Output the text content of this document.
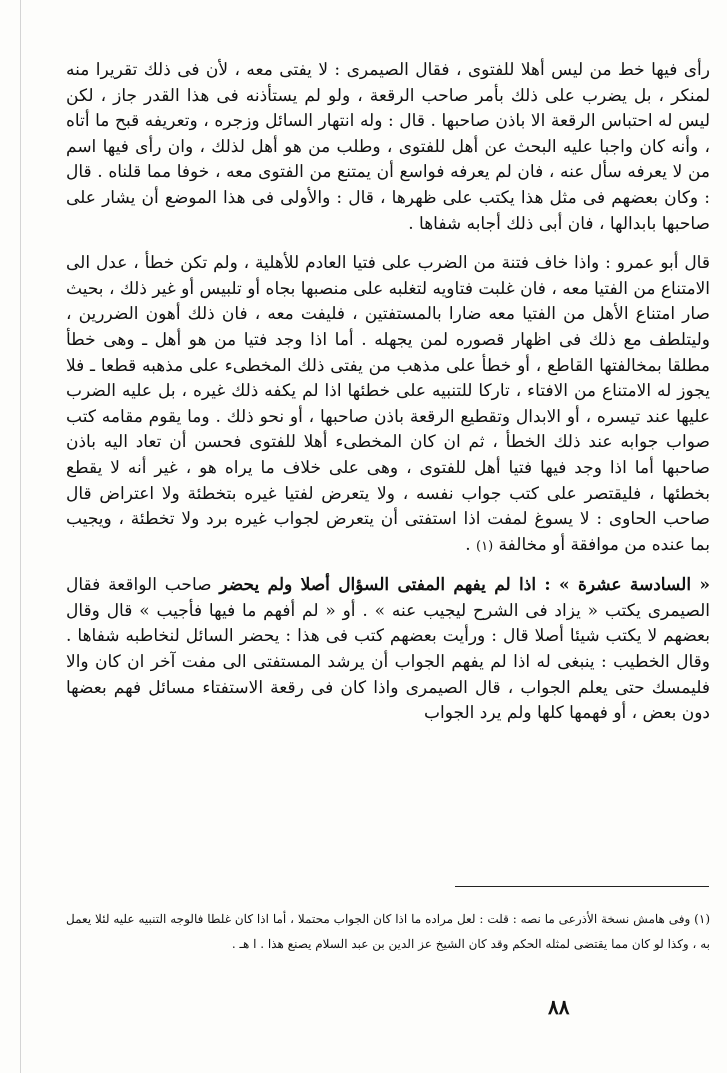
رأى فيها خط من ليس أهلا للفتوى ، فقال الصيمرى : لا يفتى معه ، لأن فى ذلك تقريرا منه لمنكر ، بل يضرب على ذلك بأمر صاحب الرقعة ، ولو لم يستأذنه فى هذا القدر جاز ، لكن ليس له احتباس الرقعة الا باذن صاحبها . قال : وله انتهار السائل وزجره ، وتعريفه قبح ما أتاه ، وأنه كان واجبا عليه البحث عن أهل للفتوى ، وطلب من هو أهل لذلك ، وان رأى فيها اسم من لا يعرفه سأل عنه ، فان لم يعرفه فواسع أن يمتنع من الفتوى معه ، خوفا مما قلناه . قال : وكان بعضهم فى مثل هذا يكتب على ظهرها ، قال : والأولى فى هذا الموضع أن يشار على صاحبها بابدالها ، فان أبى ذلك أجابه شفاها .

قال أبو عمرو : واذا خاف فتنة من الضرب على فتيا العادم للأهلية ، ولم تكن خطأ ، عدل الى الامتناع من الفتيا معه ، فان غلبت فتاويه لتغلبه على منصبها بجاه أو تلبيس أو غير ذلك ، بحيث صار امتناع الأهل من الفتيا معه ضارا بالمستفتين ، فليفت معه ، فان ذلك أهون الضررين ، وليتلطف مع ذلك فى اظهار قصوره لمن يجهله . أما اذا وجد فتيا من هو أهل ـ وهى خطأ مطلقا بمخالفتها القاطع ، أو خطأ على مذهب من يفتى ذلك المخطىء على مذهبه قطعا ـ فلا يجوز له الامتناع من الافتاء ، تاركا للتنبيه على خطئها اذا لم يكفه ذلك غيره ، بل عليه الضرب عليها عند تيسره ، أو الابدال وتقطيع الرقعة باذن صاحبها ، أو نحو ذلك . وما يقوم مقامه كتب صواب جوابه عند ذلك الخطأ ، ثم ان كان المخطىء أهلا للفتوى فحسن أن تعاد اليه باذن صاحبها أما اذا وجد فيها فتيا أهل للفتوى ، وهى على خلاف ما يراه هو ، غير أنه لا يقطع بخطئها ، فليقتصر على كتب جواب نفسه ، ولا يتعرض لفتيا غيره بتخطئة ولا اعتراض قال صاحب الحاوى : لا يسوغ لمفت اذا استفتى أن يتعرض لجواب غيره برد ولا تخطئة ، ويجيب بما عنده من موافقة أو مخالفة (١) .

« السادسة عشرة » : اذا لم يفهم المفتى السؤال أصلا ولم يحضر صاحب الواقعة فقال الصيمرى يكتب « يزاد فى الشرح ليجيب عنه » . أو « لم أفهم ما فيها فأجيب » قال وقال بعضهم لا يكتب شيئا أصلا قال : ورأيت بعضهم كتب فى هذا : يحضر السائل لنخاطبه شفاها . وقال الخطيب : ينبغى له اذا لم يفهم الجواب أن يرشد المستفتى الى مفت آخر ان كان والا فليمسك حتى يعلم الجواب ، قال الصيمرى واذا كان فى رقعة الاستفتاء مسائل فهم بعضها دون بعض ، أو فهمها كلها ولم يرد الجواب

(١) وفى هامش نسخة الأذرعى ما نصه : قلت : لعل مراده ما اذا كان الجواب محتملا ، أما اذا كان غلطا فالوجه التنبيه عليه لئلا يعمل به ، وكذا لو كان مما يقتضى لمثله الحكم وقد كان الشيخ عز الدين بن عبد السلام يصنع هذا . ا هـ .

٨٨
